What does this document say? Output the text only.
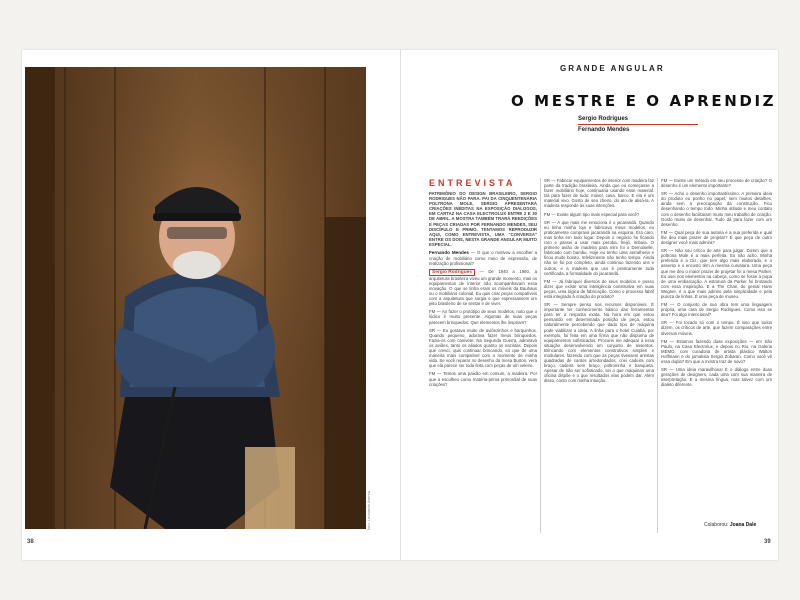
foto: Leonardo Aversa
38	39
GRANDE ANGULAR
O MESTRE E O APRENDIZ
Sergio Rodrigues
Fernando Mendes
ENTREVISTA

PATRIMÔNIO DO DESIGN BRASILEIRO, SERGIO RODRIGUES NÃO PARA. PAI DA CINQUENTENÁRIA POLTRONA MOLE, SERGIO APRESENTARÁ CRIAÇÕES INÉDITAS NA EXPOSIÇÃO DIÁLOGOS, EM CARTAZ NA CASA ELECTROLUX ENTRE 2 E 30 DE ABRIL. A MOSTRA TAMBÉM TRARÁ REEDIÇÕES E PEÇAS CRIADAS POR FERNANDO MENDES, SEU DISCÍPULO E PRIMO. TENTAMOS REPRODUZIR AQUI, COMO ENTREVISTA, UMA "CONVERSA" ENTRE OS DOIS, NESTA GRANDE ANGULAR MUITO ESPECIAL.

Fernando Mendes — O que o motivou a escolher a criação de mobiliário como meio de expressão, de realização profissional?

Sergio Rodrigues — De 1940 a 1960, a arquitetura brasileira viveu um grande momento, mas os equipamentos de interior não acompanhavam essa inovação. O que se tinha eram os móveis da Bauhaus ou o mobiliário colonial. Eu quis criar peças compatíveis com a arquitetura que surgia e que expressassem um jeito brasileiro de se sentar e de viver.

FM — Ao fazer o protótipo de seus modelos, noto que o lúdico é muito presente. Algumas de suas peças parecem brinquedos. Que elementos lhe inspiram?

SR — Eu gostava muito de aviõezinhos e barquinhos. Quando pequeno, adorava fazer meus brinquedos. Fazia-os com canivete. Na Segunda Guerra, admirava os aviões, tanto os aliados quanto os nazistas. Depois que cresci, quis continuar brincando, só que de uma maneira mais compatível com o momento de minha vida. Se você reparar no desenho da mesa Burton, verá que ela parece ser toda feita com peças de um veleiro.

FM — Temos uma paixão em comum, a madeira. Por que a escolheu como matéria-prima primordial de suas criações?

SR — Fabricar equipamentos de interior com madeira faz parte da tradição brasileira. Ainda que eu começasse a fazer mobiliário hoje, continuaria usando esse material. Dá para fazer de tudo: móvel, casa, barco. E ela é um material vivo. Gosto de seu cheiro, do ato de alisá-la. A madeira responde às suas intenções.

FM — Existe algum tipo mais especial para você?

SR — A que mais me emociona é o jacarandá. Quando eu tinha minha loja e fabricava meus modelos, eu praticamente comprava jacarandá na esquina. Era caro, mas tinha em todo lugar. Depois o negócio foi ficando raro e passei a usar mais peroba, freijó, imbuia. O primeiro avião de madeira para mim foi o Demoiselle, fabricado com bambu. Hoje eu tenho uma serralheria e ficou muito bonito. Infelizmente não tenho tempo. Ainda não se foi por completo, ainda continuo fazendo uns e outros, e a madeira que uso é praticamente toda certificada, a formalidade do jacarandá.

FM — Já fabriquei diversos de seus modelos e posso dizer que existe uma inteligência construtiva em suas peças, uma lógica de fabricação. Como o processo fabril está integrado à criação do produto?

SR — Sempre penso nos recursos disponíveis. É importante ter conhecimento básico das ferramentas para ter a resposta exata. Na hora em que estou pensando em determinada posição de peça, estou naturalmente percebendo que dado tipo de máquina pode viabilizar a ideia. A linha para o hotel Cuiabá, por exemplo, foi feita em uma firma que não dispunha de equipamentos sofisticados. Procurei me adequar a essa situação desenvolvendo um conjunto de assentos. Brincando com elementos construtivos simples e modulares, fazendo com que as peças tivessem arestas quadradas de cantos arredondados, criei cadeira com braço, cadeira sem braço, poltroninha e banqueta. Apesar de não ser sofisticado, sei o que máquinas uma oficina dispõe e o que resultados elas podem dar. Além disso, conto com minha intuição.

FM — Existe um método em seu processo de criação? O desenho é um elemento importante?

SR — Acho o desenho importantíssimo. A primeira ideia do produto eu ponho no papel, sem muitos detalhes, ainda sem a preocupação da construção. Fico desenhando o tempo todo. Minha atitude e meu contato com o desenho facilitaram muito meu trabalho de criação. Gosto muito de desenhar. Tudo dá para fazer com um desenho.

FM — Qual peça de sua autoria é a sua preferida e qual lhe deu mais prazer de projetar? E que peça de outro designer você mais admira?

SR — Não sou crítico de arte para julgar. Dizem que a poltrona Mole é a mais perfeita. Eu não acho. Minha preferida é a Diz, que tem algo mais elaborado, e o assento e o encosto têm a mesma curvatura. Uma peça que me deu o maior prazer de projetar foi a mesa Parker. Eu usei nos elementos na cabeça, como se fosse a popa de uma embarcação. A estrutura da Parker foi brotando com essa inspiração. E a The Chair, do genial Hans Wegner, é a que mais admiro pela simplicidade e pela pureza de linhas. É uma peça de museu.

FM — O conjunto de sua obra tem uma linguagem própria, uma cara de Sergio Rodrigues. Como isso se deu? Foi algo intencional?

SR — Foi tocado só com o tempo. É isso que todos dizem, os críticos de arte, que fazem comparações entre diversos móveis.

FM — Estamos fazendo duas exposições — em São Paulo, na Casa Electrolux, e depois no Rio, na Galeria MEMO, com curadoria de artista plástico Walton Hoffmann e do jornalista Sergio Zobaran. Como você vê essa dupla? Em que a mostra traz de novo?

SR — Uma ideia maravilhosa! É o diálogo entre duas gerações de designers, cada uma com sua maneira de interpretação. E a mesma língua, mas talvez com um dialeto diferente.

Colaborou: Joana Dale
